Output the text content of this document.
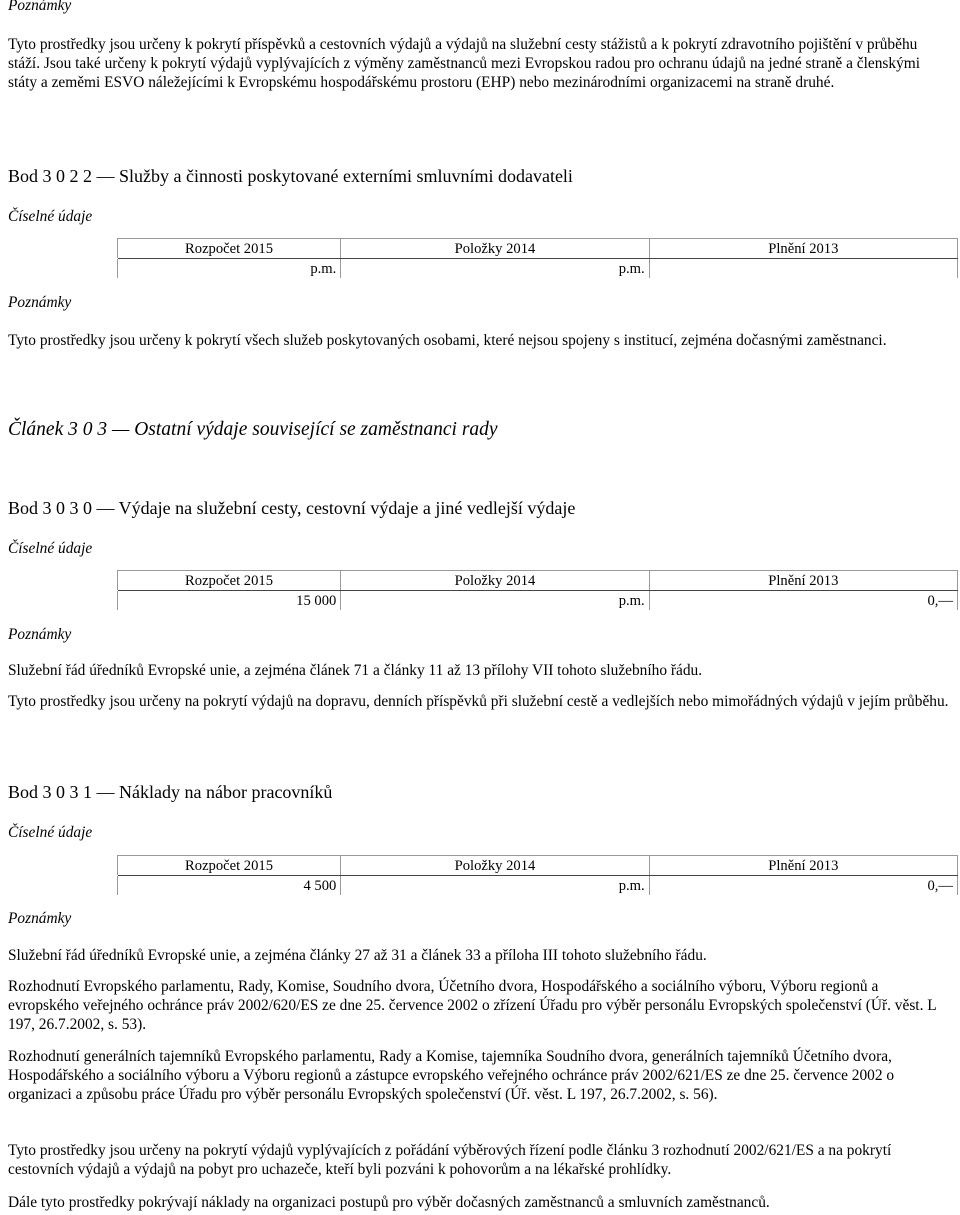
Poznámky

Tyto prostředky jsou určeny k pokrytí příspěvků a cestovních výdajů a výdajů na služební cesty stážistů a k pokrytí zdravotního pojištění v průběhu stáží. Jsou také určeny k pokrytí výdajů vyplývajících z výměny zaměstnanců mezi Evropskou radou pro ochranu údajů na jedné straně a členskými státy a zeměmi ESVO náležejícími k Evropskému hospodářskému prostoru (EHP) nebo mezinárodními organizacemi na straně druhé.

Bod 3 0 2 2 — Služby a činnosti poskytované externími smluvními dodavateli
Číselné údaje
	Rozpočet 2015	Položky 2014	Plnění 2013
	p.m.	p.m.	
Poznámky

Tyto prostředky jsou určeny k pokrytí všech služeb poskytovaných osobami, které nejsou spojeny s institucí, zejména dočasnými zaměstnanci.

Článek 3 0 3 — Ostatní výdaje související se zaměstnanci rady
Bod 3 0 3 0 — Výdaje na služební cesty, cestovní výdaje a jiné vedlejší výdaje
Číselné údaje
	Rozpočet 2015	Položky 2014	Plnění 2013
	15 000	p.m.	0,—
Poznámky

Služební řád úředníků Evropské unie, a zejména článek 71 a články 11 až 13 přílohy VII tohoto služebního řádu.

Tyto prostředky jsou určeny na pokrytí výdajů na dopravu, denních příspěvků při služební cestě a vedlejších nebo mimořádných výdajů v jejím průběhu.

Bod 3 0 3 1 — Náklady na nábor pracovníků
Číselné údaje
	Rozpočet 2015	Položky 2014	Plnění 2013
	4 500	p.m.	0,—
Poznámky

Služební řád úředníků Evropské unie, a zejména články 27 až 31 a článek 33 a příloha III tohoto služebního řádu.

Rozhodnutí Evropského parlamentu, Rady, Komise, Soudního dvora, Účetního dvora, Hospodářského a sociálního výboru, Výboru regionů a evropského veřejného ochránce práv 2002/620/ES ze dne 25. července 2002 o zřízení Úřadu pro výběr personálu Evropských společenství (Úř. věst. L 197, 26.7.2002, s. 53).

Rozhodnutí generálních tajemníků Evropského parlamentu, Rady a Komise, tajemníka Soudního dvora, generálních tajemníků Účetního dvora, Hospodářského a sociálního výboru a Výboru regionů a zástupce evropského veřejného ochránce práv 2002/621/ES ze dne 25. července 2002 o organizaci a způsobu práce Úřadu pro výběr personálu Evropských společenství (Úř. věst. L 197, 26.7.2002, s. 56).

Tyto prostředky jsou určeny na pokrytí výdajů vyplývajících z pořádání výběrových řízení podle článku 3 rozhodnutí 2002/621/ES a na pokrytí cestovních výdajů a výdajů na pobyt pro uchazeče, kteří byli pozváni k pohovorům a na lékařské prohlídky.

Dále tyto prostředky pokrývají náklady na organizaci postupů pro výběr dočasných zaměstnanců a smluvních zaměstnanců.
